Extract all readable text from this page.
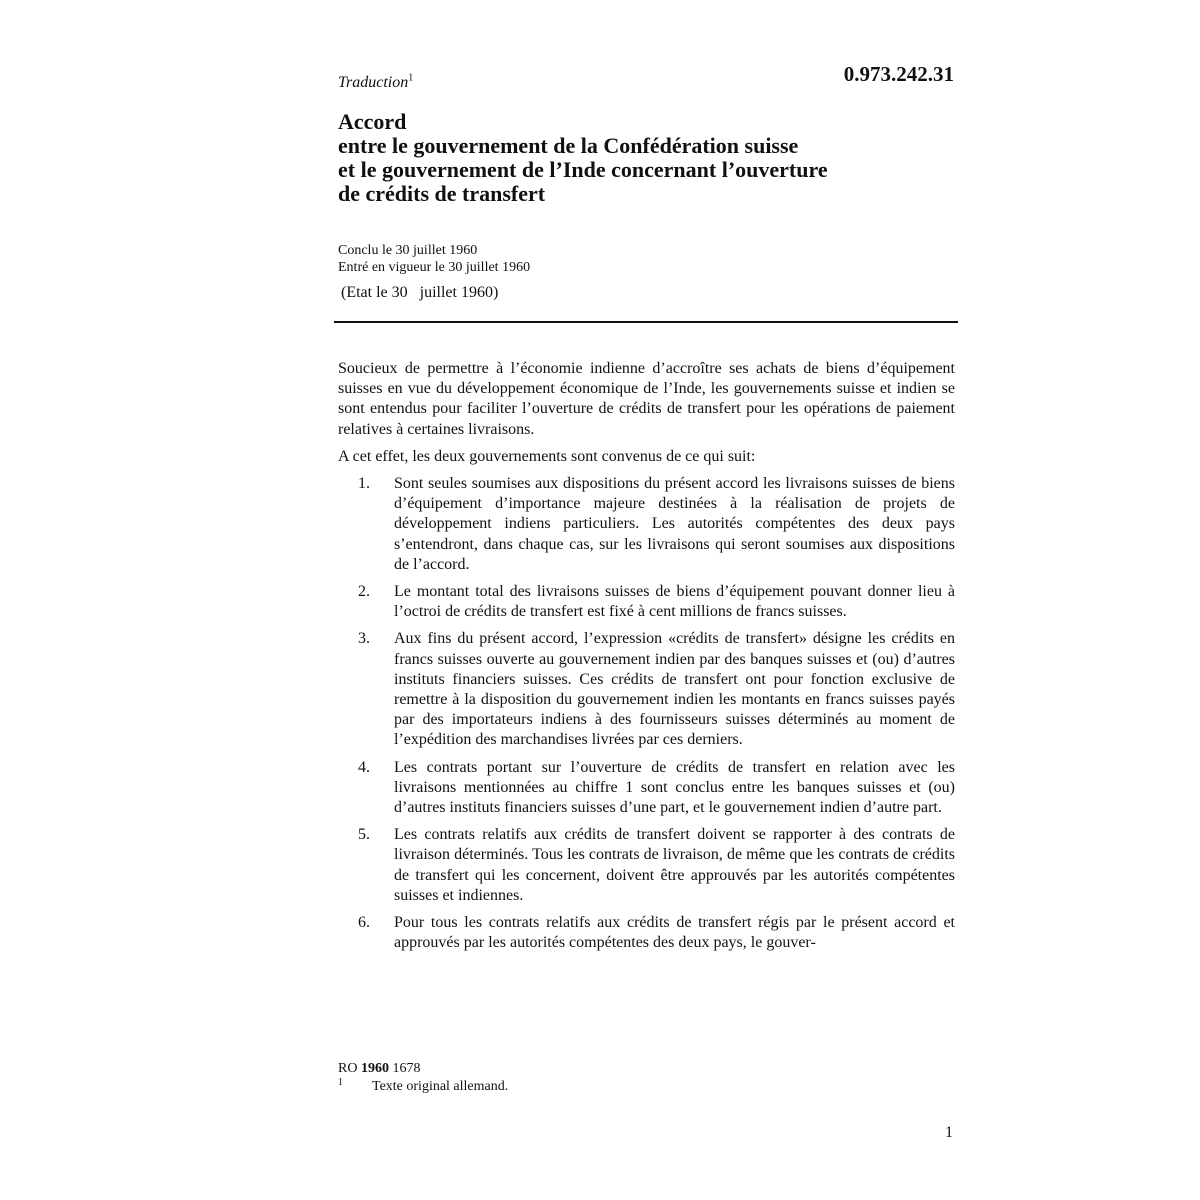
Traduction$^1$	0.973.242.31
Accord
entre le gouvernement de la Confédération suisse
et le gouvernement de l’Inde concernant l’ouverture
de crédits de transfert
Conclu le 30 juillet 1960
Entré en vigueur le 30 juillet 1960
(Etat le 30   juillet 1960)

Soucieux de permettre à l’économie indienne d’accroître ses achats de biens d’équipement suisses en vue du développement économique de l’Inde, les gouvernements suisse et indien se sont entendus pour faciliter l’ouverture de crédits de transfert pour les opérations de paiement relatives à certaines livraisons.

A cet effet, les deux gouvernements sont convenus de ce qui suit:

1.	Sont seules soumises aux dispositions du présent accord les livraisons suisses de biens d’équipement d’importance majeure destinées à la réalisation de projets de développement indiens particuliers. Les autorités compétentes des deux pays s’entendront, dans chaque cas, sur les livraisons qui seront soumises aux dispositions de l’accord.
2.	Le montant total des livraisons suisses de biens d’équipement pouvant donner lieu à l’octroi de crédits de transfert est fixé à cent millions de francs suisses.
3.	Aux fins du présent accord, l’expression «crédits de transfert» désigne les crédits en francs suisses ouverte au gouvernement indien par des banques suisses et (ou) d’autres instituts financiers suisses. Ces crédits de transfert ont pour fonction exclusive de remettre à la disposition du gouvernement indien les montants en francs suisses payés par des importateurs indiens à des fournisseurs suisses déterminés au moment de l’expédition des marchandises livrées par ces derniers.
4.	Les contrats portant sur l’ouverture de crédits de transfert en relation avec les livraisons mentionnées au chiffre 1 sont conclus entre les banques suisses et (ou) d’autres instituts financiers suisses d’une part, et le gouvernement indien d’autre part.
5.	Les contrats relatifs aux crédits de transfert doivent se rapporter à des contrats de livraison déterminés. Tous les contrats de livraison, de même que les contrats de crédits de transfert qui les concernent, doivent être approuvés par les autorités compétentes suisses et indiennes.
6.	Pour tous les contrats relatifs aux crédits de transfert régis par le présent accord et approuvés par les autorités compétentes des deux pays, le gouver-
RO 1960 1678
1 Texte original allemand.
1
